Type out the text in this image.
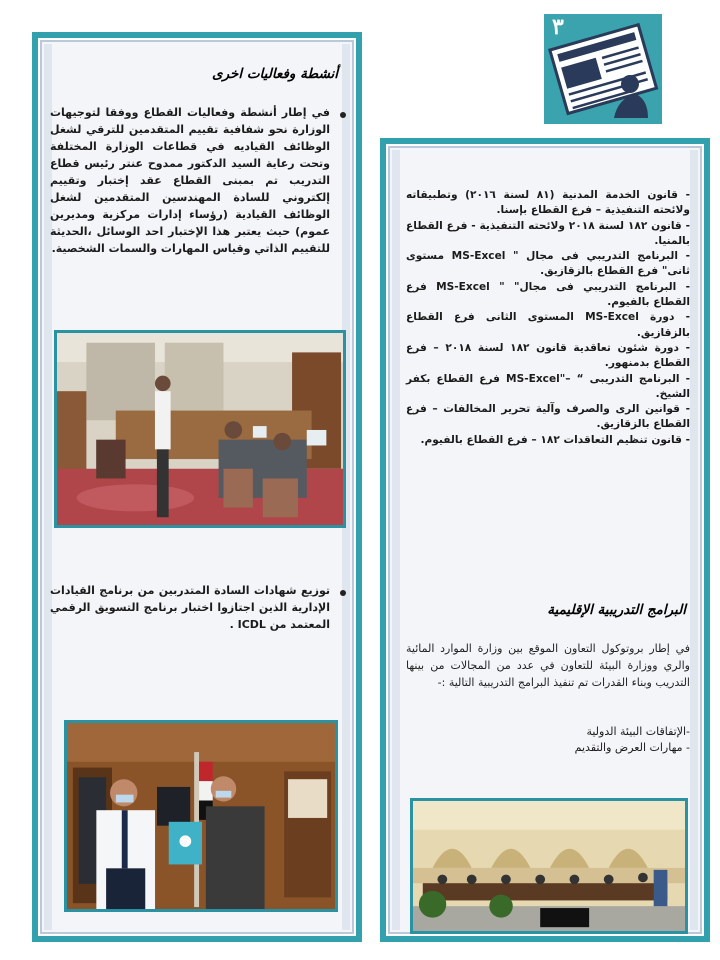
٣
أنشطة وفعاليات اخرى
في إطار أنشطة وفعاليات القطاع ووفقا لتوجيهات الوزارة نحو شفافية تقييم المتقدمين للترقي لشغل الوظائف القياديه في قطاعات الوزارة المختلفة وتحت رعاية السيد الدكتور ممدوح عنتر رئيس قطاع التدريب تم بمبنى القطاع عقد إختبار وتقييم إلكتروني للسادة المهندسين المتقدمين لشغل الوظائف القيادية (رؤساء إدارات مركزية ومديرين عموم) حيث يعتبر هذا الإختبار احد الوسائل ،الحديثة للتقييم الذاتي وقياس المهارات والسمات الشخصية.
توزيع شهادات السادة المتدربين من برنامج القيادات الإدارية الذين اجتازوا اختبار برنامج التسويق الرقمي المعتمد من ICDL .
- قانون الخدمة المدنية (٨١ لسنة ٢٠١٦) وتطبيقاته ولائحته التنفيذية – فرع القطاع بإسنا.
- قانون ١٨٢ لسنة ٢٠١٨ ولائحته التنفيذية - فرع القطاع بالمنيا.
- البرنامج التدريبي فى مجال " MS-Excel مستوى ثانى" فرع القطاع بالزقازيق.
- البرنامج التدريبي فى مجال" " MS-Excel فرع القطاع بالفيوم.
- دورة MS-Excel المستوى الثانى فرع القطاع بالزقازيق.
- دورة شئون تعاقدية قانون ١٨٢ لسنة ٢٠١٨ – فرع القطاع بدمنهور.
- البرنامج التدريبى “ –"MS-Excel فرع القطاع بكفر الشيخ.
- قوانين الرى والصرف وآلية تحرير المخالفات – فرع القطاع بالزقازيق.
- قانون تنظيم التعاقدات ١٨٢ – فرع القطاع بالفيوم.
البرامج التدريبية الإقليمية
في إطار بروتوكول التعاون الموقع بين وزارة الموارد المائية والري ووزارة البيئة للتعاون في عدد من المجالات من بينها التدريب وبناء القدرات تم تنفيذ البرامج التدريبية التالية :-
-الإتفاقات البيئة الدولية
- مهارات العرض والتقديم
